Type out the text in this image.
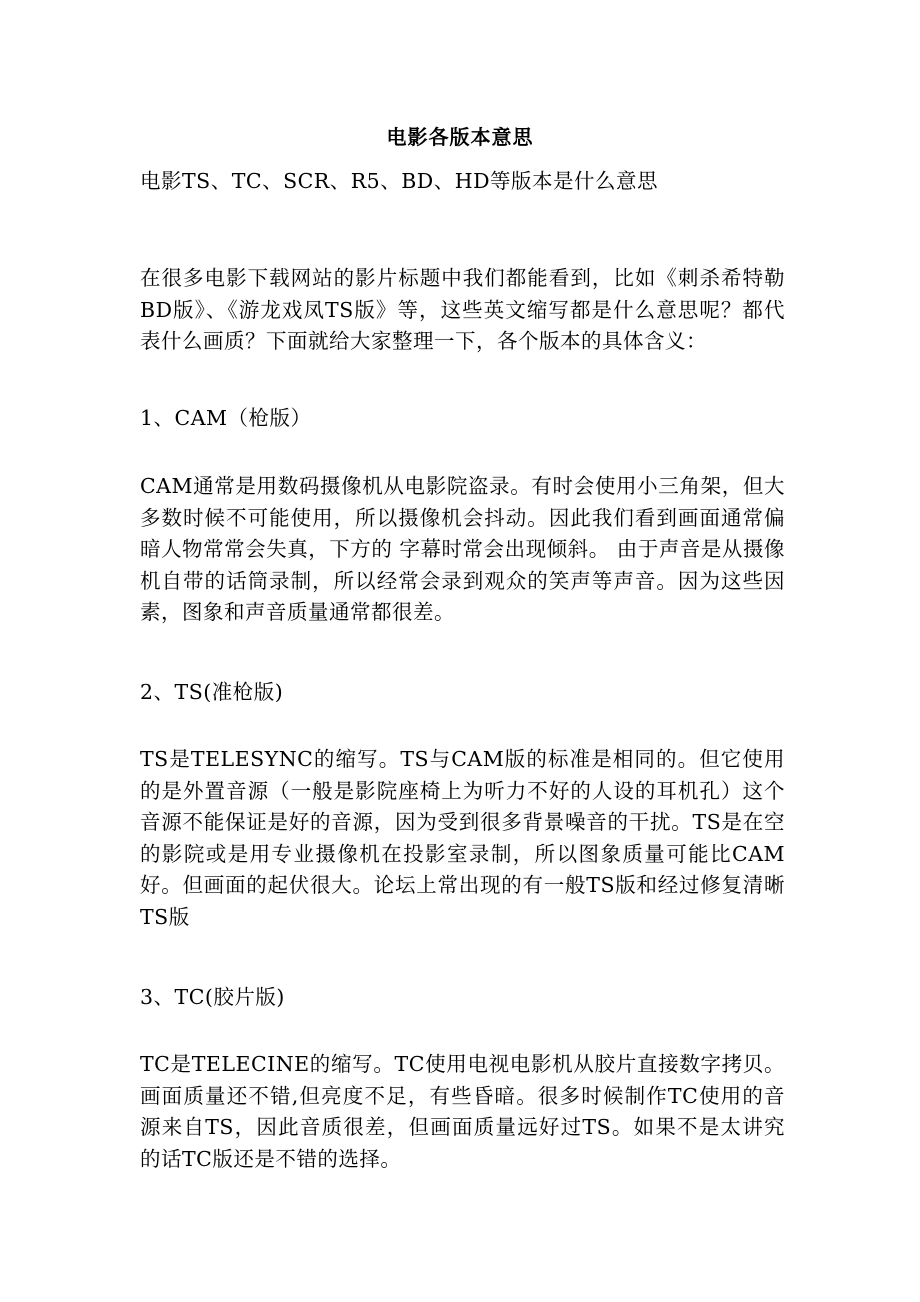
电影各版本意思
电影TS、TC、SCR、R5、BD、HD等版本是什么意思
在很多电影下载网站的影片标题中我们都能看到，比如《刺杀希特勒BD版》、《游龙戏凤TS版》等，这些英文缩写都是什么意思呢？都代表什么画质？下面就给大家整理一下，各个版本的具体含义：
1、CAM（枪版）
CAM通常是用数码摄像机从电影院盗录。有时会使用小三角架，但大多数时候不可能使用，所以摄像机会抖动。因此我们看到画面通常偏暗人物常常会失真，下方的 字幕时常会出现倾斜。 由于声音是从摄像机自带的话筒录制，所以经常会录到观众的笑声等声音。因为这些因素，图象和声音质量通常都很差。
2、TS(准枪版)
TS是TELESYNC的缩写。TS与CAM版的标准是相同的。但它使用的是外置音源（一般是影院座椅上为听力不好的人设的耳机孔）这个音源不能保证是好的音源，因为受到很多背景噪音的干扰。TS是在空的影院或是用专业摄像机在投影室录制，所以图象质量可能比CAM好。但画面的起伏很大。论坛上常出现的有一般TS版和经过修复清晰TS版
3、TC(胶片版)
TC是TELECINE的缩写。TC使用电视电影机从胶片直接数字拷贝。画面质量还不错,但亮度不足，有些昏暗。很多时候制作TC使用的音源来自TS，因此音质很差，但画面质量远好过TS。如果不是太讲究的话TC版还是不错的选择。
